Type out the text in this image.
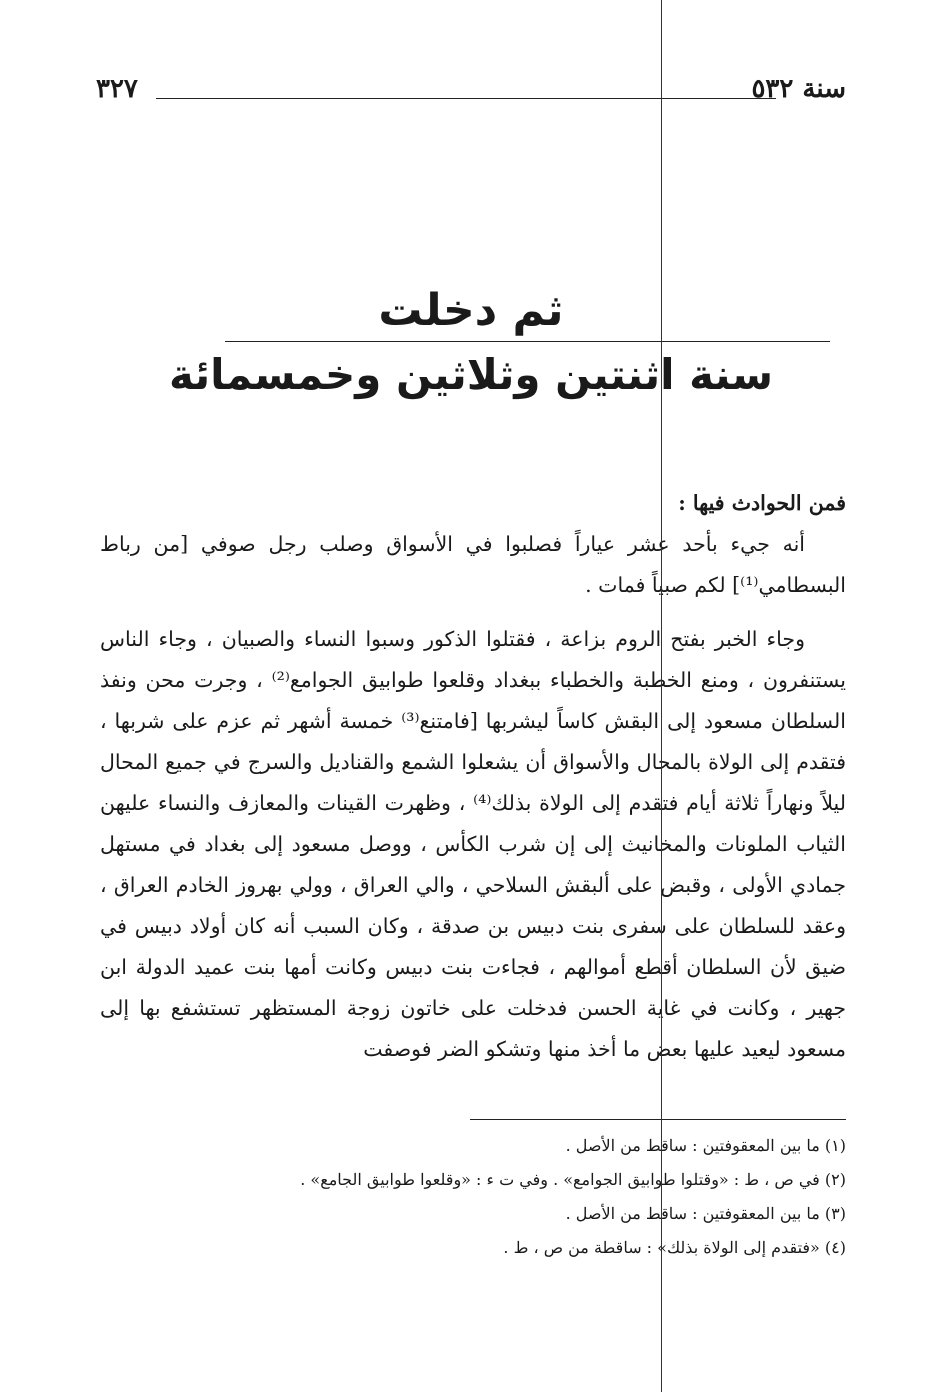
سنة ٥٣٢
٣٢٧
ثم دخلت
سنة اثنتين وثلاثين وخمسمائة

فمن الحوادث فيها :

أنه جيء بأحد عشر عياراً فصلبوا في الأسواق وصلب رجل صوفي [من رباط البسطامي⁽¹⁾] لكم صبياً فمات .

وجاء الخبر بفتح الروم بزاعة ، فقتلوا الذكور وسبوا النساء والصبيان ، وجاء الناس يستنفرون ، ومنع الخطبة والخطباء ببغداد وقلعوا طوابيق الجوامع⁽²⁾ ، وجرت محن ونفذ السلطان مسعود إلى البقش كاساً ليشربها [فامتنع⁽³⁾ خمسة أشهر ثم عزم على شربها ، فتقدم إلى الولاة بالمحال والأسواق أن يشعلوا الشمع والقناديل والسرج في جميع المحال ليلاً ونهاراً ثلاثة أيام فتقدم إلى الولاة بذلك⁽⁴⁾ ، وظهرت القينات والمعازف والنساء عليهن الثياب الملونات والمخانيث إلى إن شرب الكأس ، ووصل مسعود إلى بغداد في مستهل جمادي الأولى ، وقبض على ألبقش السلاحي ، والي العراق ، وولي بهروز الخادم العراق ، وعقد للسلطان على سفرى بنت دبيس بن صدقة ، وكان السبب أنه كان أولاد دبيس في ضيق لأن السلطان أقطع أموالهم ، فجاءت بنت دبيس وكانت أمها بنت عميد الدولة ابن جهير ، وكانت في غاية الحسن فدخلت على خاتون زوجة المستظهر تستشفع بها إلى مسعود ليعيد عليها بعض ما أخذ منها وتشكو الضر فوصفت

(١) ما بين المعقوفتين : ساقط من الأصل .
(٢) في ص ، ط : «وقتلوا طوابيق الجوامع» . وفي ت ء : «وقلعوا طوابيق الجامع» .
(٣) ما بين المعقوفتين : ساقط من الأصل .
(٤) «فتقدم إلى الولاة بذلك» : ساقطة من ص ، ط .
